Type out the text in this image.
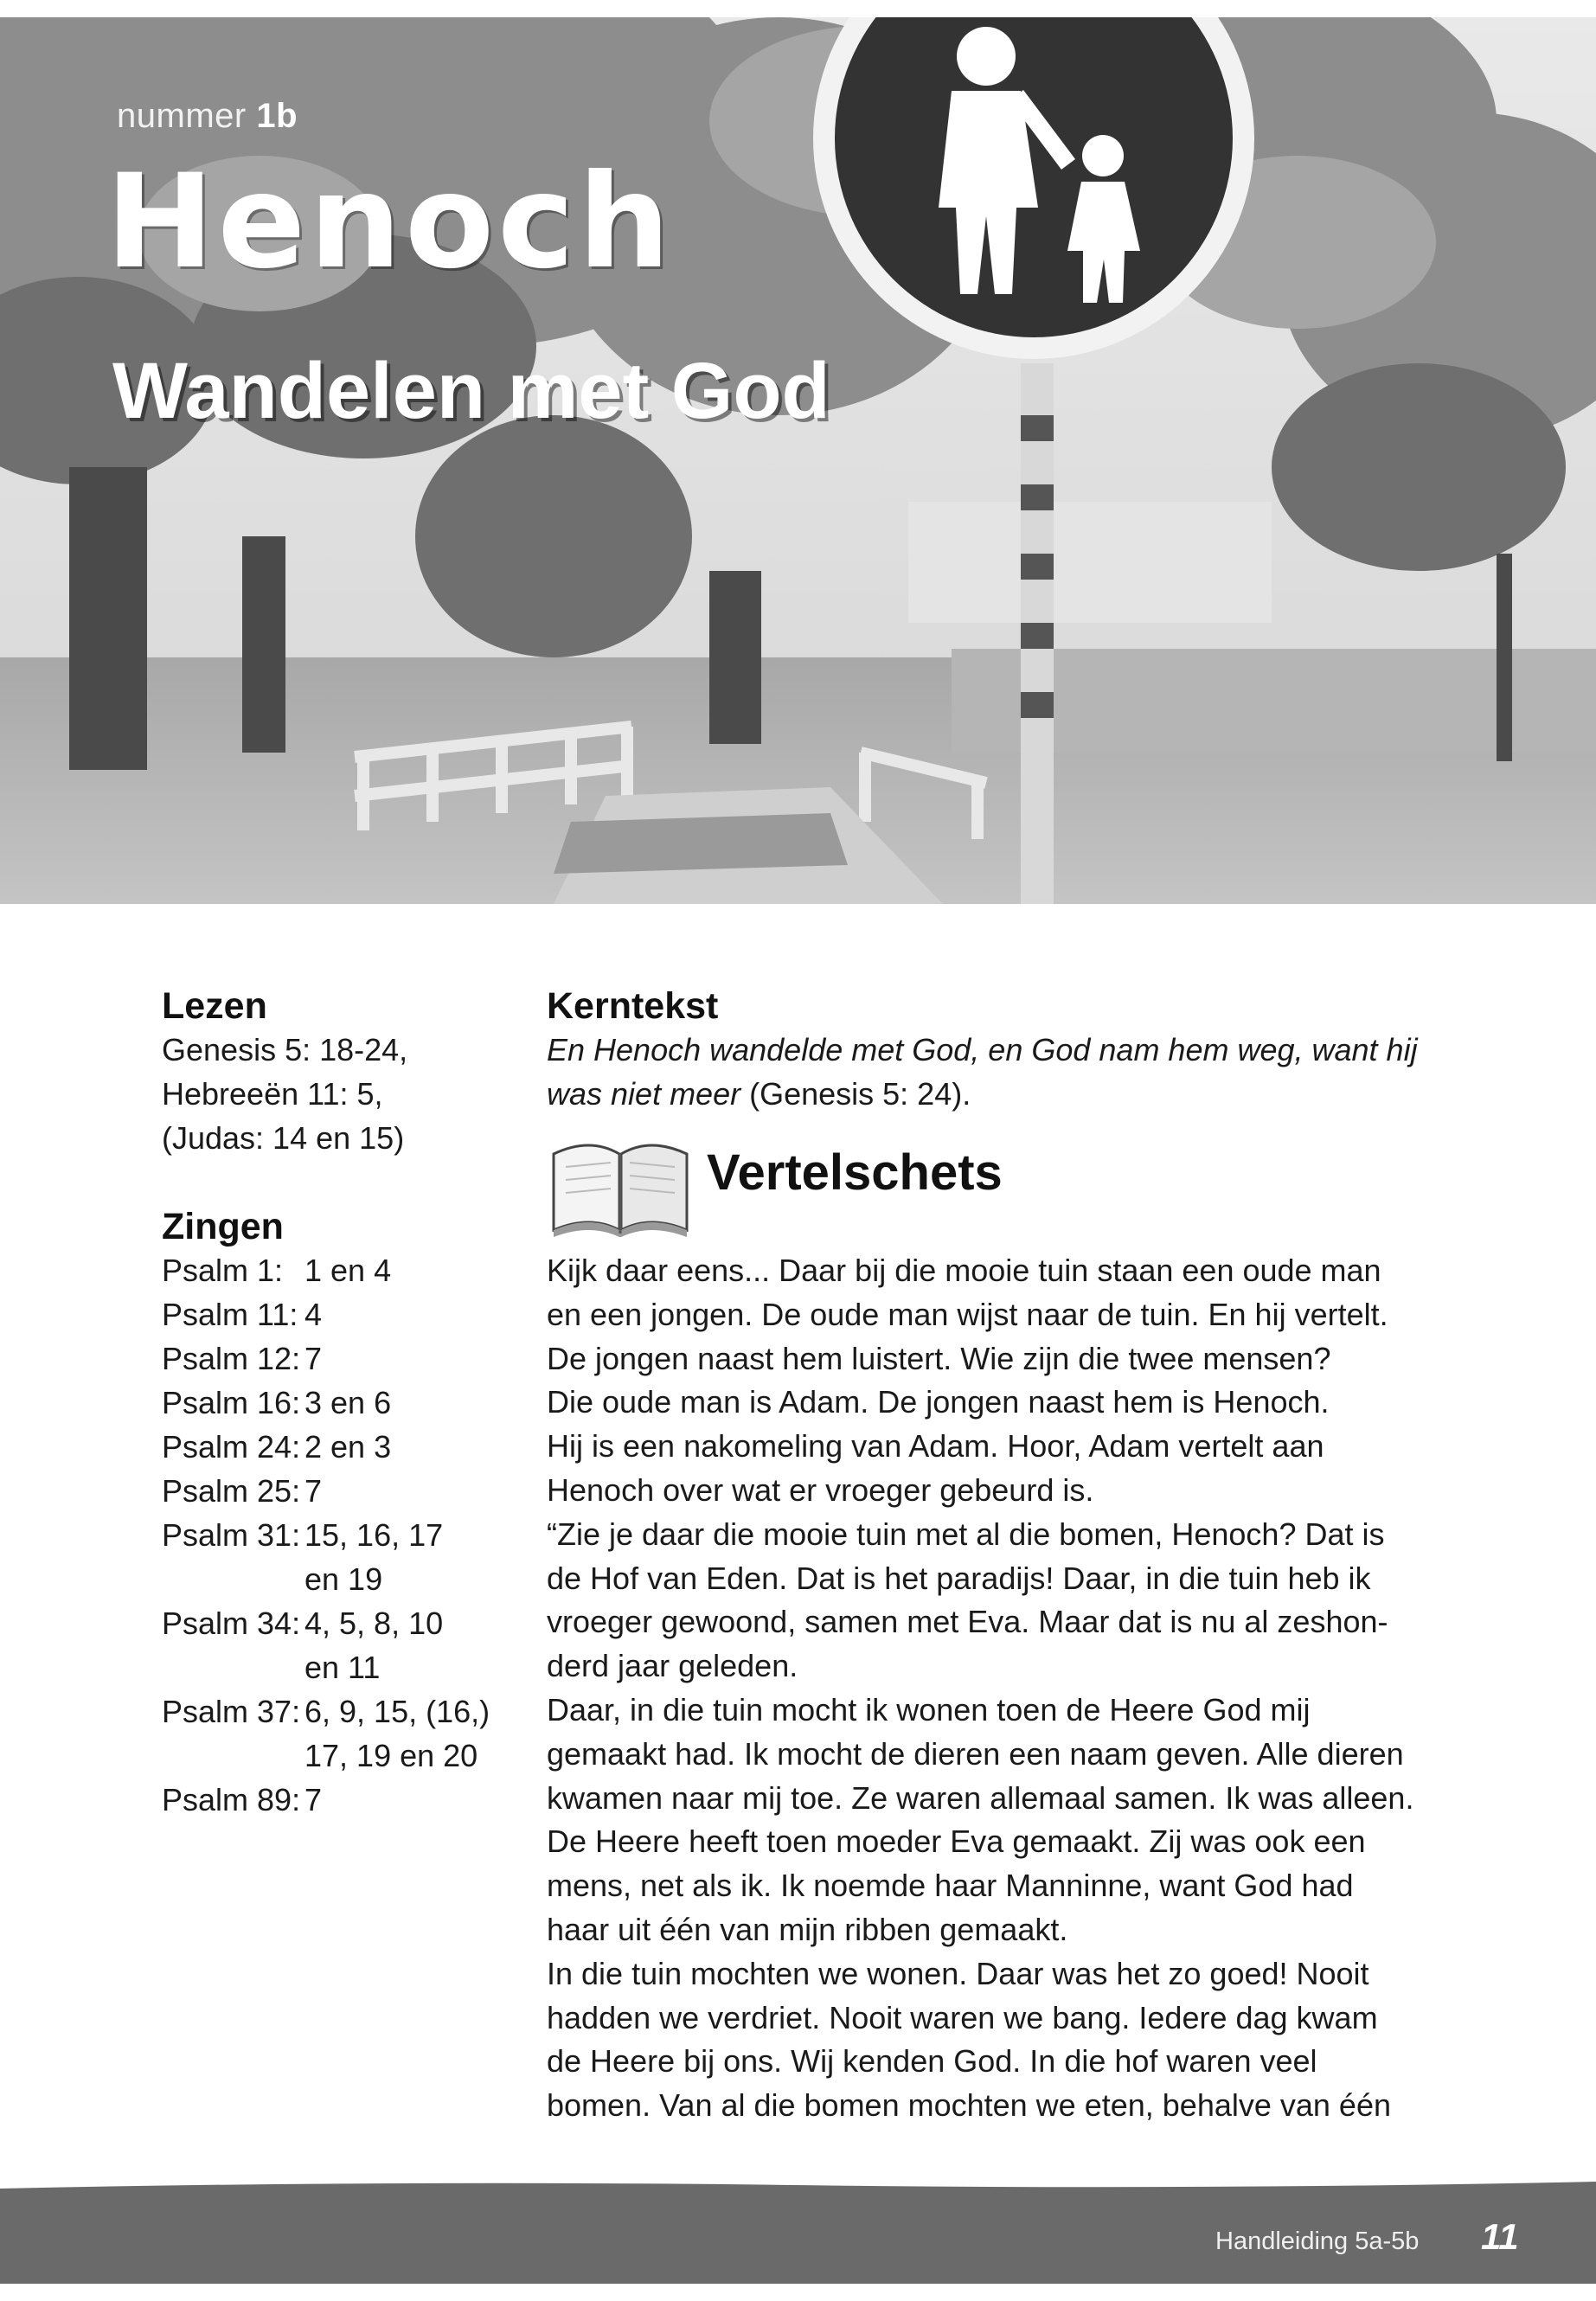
nummer 1b
Henoch
Wandelen met God
Lezen
Genesis 5: 18-24,
Hebreeën 11: 5,
(Judas: 14 en 15)
Zingen
Psalm 1: 1 en 4
Psalm 11: 4
Psalm 12: 7
Psalm 16: 3 en 6
Psalm 24: 2 en 3
Psalm 25: 7
Psalm 31: 15, 16, 17
en 19
Psalm 34: 4, 5, 8, 10
en 11
Psalm 37: 6, 9, 15, (16,)
17, 19 en 20
Psalm 89: 7
Kerntekst
En Henoch wandelde met God, en God nam hem weg, want hij
was niet meer (Genesis 5: 24).
Vertelschets
Kijk daar eens... Daar bij die mooie tuin staan een oude man
en een jongen. De oude man wijst naar de tuin. En hij vertelt.
De jongen naast hem luistert. Wie zijn die twee mensen?
Die oude man is Adam. De jongen naast hem is Henoch.
Hij is een nakomeling van Adam. Hoor, Adam vertelt aan
Henoch over wat er vroeger gebeurd is.
“Zie je daar die mooie tuin met al die bomen, Henoch? Dat is
de Hof van Eden. Dat is het paradijs! Daar, in die tuin heb ik
vroeger gewoond, samen met Eva. Maar dat is nu al zeshon-
derd jaar geleden.
Daar, in die tuin mocht ik wonen toen de Heere God mij
gemaakt had. Ik mocht de dieren een naam geven. Alle dieren
kwamen naar mij toe. Ze waren allemaal samen. Ik was alleen.
De Heere heeft toen moeder Eva gemaakt. Zij was ook een
mens, net als ik. Ik noemde haar Manninne, want God had
haar uit één van mijn ribben gemaakt.
In die tuin mochten we wonen. Daar was het zo goed! Nooit
hadden we verdriet. Nooit waren we bang. Iedere dag kwam
de Heere bij ons. Wij kenden God. In die hof waren veel
bomen. Van al die bomen mochten we eten, behalve van één
Handleiding 5a-5b 11
